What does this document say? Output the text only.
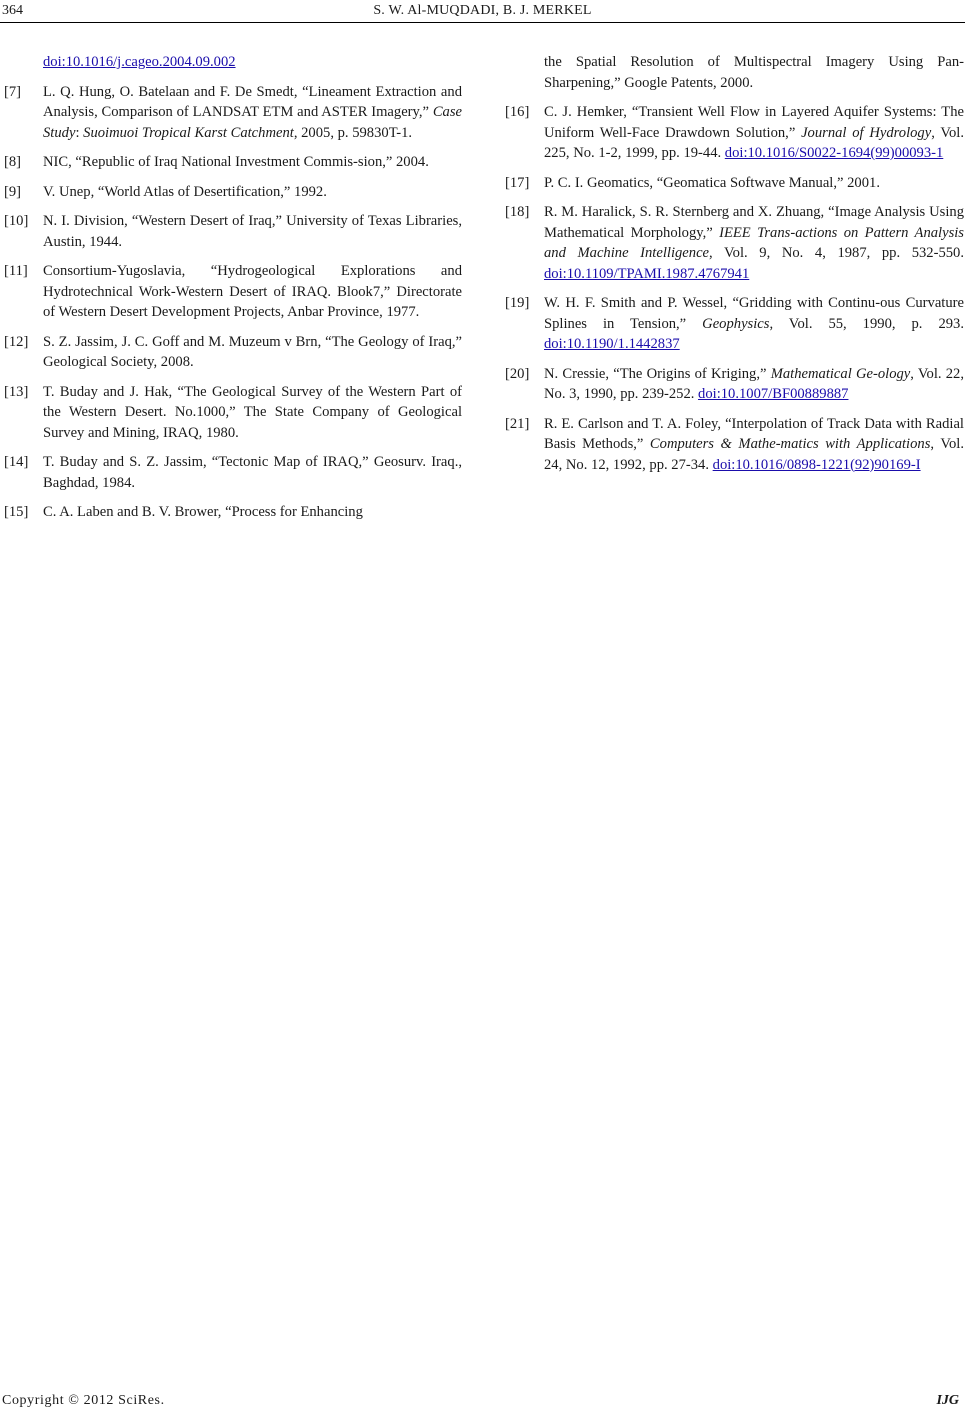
364	S. W. Al-MUQDADI, B. J. MERKEL
doi:10.1016/j.cageo.2004.09.002
[7] L. Q. Hung, O. Batelaan and F. De Smedt, “Lineament Extraction and Analysis, Comparison of LANDSAT ETM and ASTER Imagery,” Case Study: Suoimuoi Tropical Karst Catchment, 2005, p. 59830T-1.
[8] NIC, “Republic of Iraq National Investment Commis-sion,” 2004.
[9] V. Unep, “World Atlas of Desertification,” 1992.
[10] N. I. Division, “Western Desert of Iraq,” University of Texas Libraries, Austin, 1944.
[11] Consortium-Yugoslavia, “Hydrogeological Explorations and Hydrotechnical Work-Western Desert of IRAQ. Blook7,” Directorate of Western Desert Development Projects, Anbar Province, 1977.
[12] S. Z. Jassim, J. C. Goff and M. Muzeum v Brn, “The Geology of Iraq,” Geological Society, 2008.
[13] T. Buday and J. Hak, “The Geological Survey of the Western Part of the Western Desert. No.1000,” The State Company of Geological Survey and Mining, IRAQ, 1980.
[14] T. Buday and S. Z. Jassim, “Tectonic Map of IRAQ,” Geosurv. Iraq., Baghdad, 1984.
[15] C. A. Laben and B. V. Brower, “Process for Enhancing
the Spatial Resolution of Multispectral Imagery Using Pan-Sharpening,” Google Patents, 2000.
[16] C. J. Hemker, “Transient Well Flow in Layered Aquifer Systems: The Uniform Well-Face Drawdown Solution,” Journal of Hydrology, Vol. 225, No. 1-2, 1999, pp. 19-44. doi:10.1016/S0022-1694(99)00093-1
[17] P. C. I. Geomatics, “Geomatica Softwave Manual,” 2001.
[18] R. M. Haralick, S. R. Sternberg and X. Zhuang, “Image Analysis Using Mathematical Morphology,” IEEE Trans-actions on Pattern Analysis and Machine Intelligence, Vol. 9, No. 4, 1987, pp. 532-550. doi:10.1109/TPAMI.1987.4767941
[19] W. H. F. Smith and P. Wessel, “Gridding with Continu-ous Curvature Splines in Tension,” Geophysics, Vol. 55, 1990, p. 293. doi:10.1190/1.1442837
[20] N. Cressie, “The Origins of Kriging,” Mathematical Ge-ology, Vol. 22, No. 3, 1990, pp. 239-252. doi:10.1007/BF00889887
[21] R. E. Carlson and T. A. Foley, “Interpolation of Track Data with Radial Basis Methods,” Computers & Mathe-matics with Applications, Vol. 24, No. 12, 1992, pp. 27-34. doi:10.1016/0898-1221(92)90169-I
Copyright © 2012 SciRes.	IJG
